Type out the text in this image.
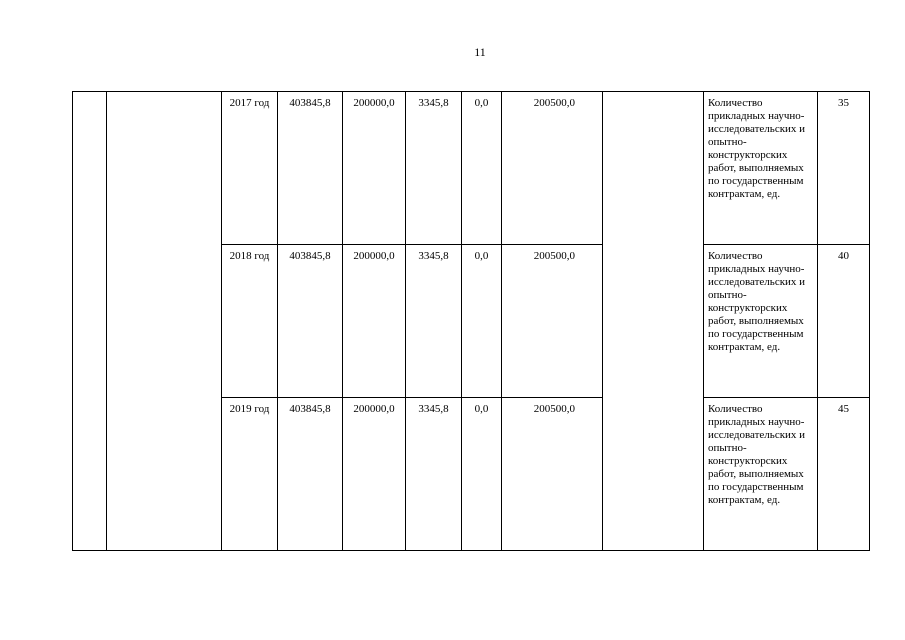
11
		2017 год	403845,8	200000,0	3345,8	0,0	200500,0		Количество прикладных научно-исследовательских и опытно-конструкторских работ, выполняемых по государственным контрактам, ед.	35
		2018 год	403845,8	200000,0	3345,8	0,0	200500,0		Количество прикладных научно-исследовательских и опытно-конструкторских работ, выполняемых по государственным контрактам, ед.	40
		2019 год	403845,8	200000,0	3345,8	0,0	200500,0		Количество прикладных научно-исследовательских и опытно-конструкторских работ, выполняемых по государственным контрактам, ед.	45
